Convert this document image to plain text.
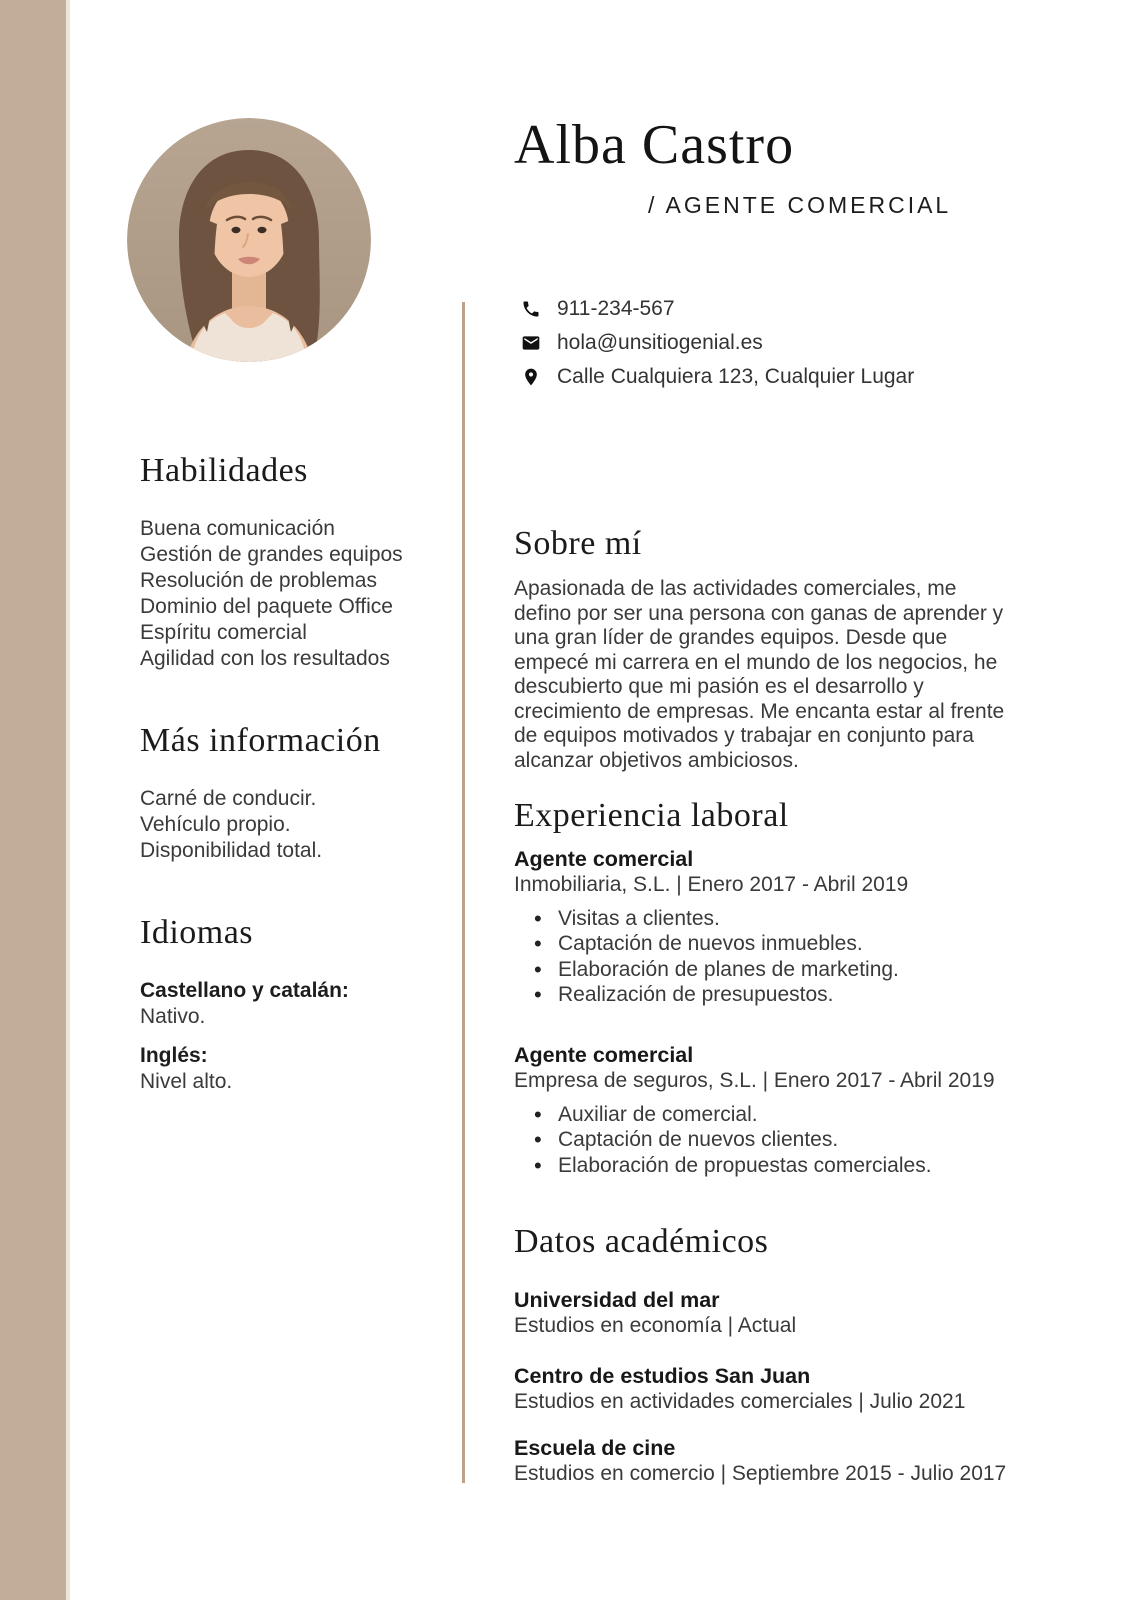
Alba Castro
/ AGENTE COMERCIAL
911-234-567
hola@unsitiogenial.es
Calle Cualquiera 123, Cualquier Lugar
Habilidades
Buena comunicación
Gestión de grandes equipos
Resolución de problemas
Dominio del paquete Office
Espíritu comercial
Agilidad con los resultados
Más información
Carné de conducir.
Vehículo propio.
Disponibilidad total.
Idiomas
Castellano y catalán:
Nativo.
Inglés:
Nivel alto.
Sobre mí

Apasionada de las actividades comerciales, me defino por ser una persona con ganas de aprender y una gran líder de grandes equipos. Desde que empecé mi carrera en el mundo de los negocios, he descubierto que mi pasión es el desarrollo y crecimiento de empresas. Me encanta estar al frente de equipos motivados y trabajar en conjunto para alcanzar objetivos ambiciosos.

Experiencia laboral
Agente comercial
Inmobiliaria, S.L. | Enero 2017 - Abril 2019
• Visitas a clientes.
• Captación de nuevos inmuebles.
• Elaboración de planes de marketing.
• Realización de presupuestos.
Agente comercial
Empresa de seguros, S.L. | Enero 2017 - Abril 2019
• Auxiliar de comercial.
• Captación de nuevos clientes.
• Elaboración de propuestas comerciales.
Datos académicos
Universidad del mar
Estudios en economía | Actual
Centro de estudios San Juan
Estudios en actividades comerciales | Julio 2021
Escuela de cine
Estudios en comercio | Septiembre 2015 - Julio 2017
